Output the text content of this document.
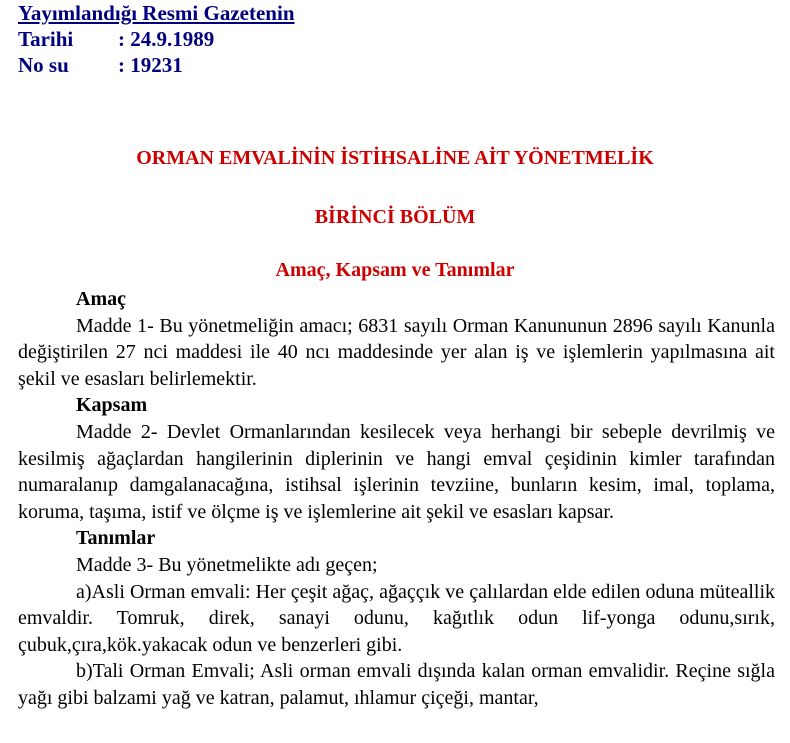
Yayımlandığı Resmi Gazetenin
Tarihi : 24.9.1989
No su : 19231
ORMAN EMVALİNİN İSTİHSALİNE AİT YÖNETMELİK
BİRİNCİ BÖLÜM
Amaç, Kapsam ve Tanımlar
Amaç

Madde 1- Bu yönetmeliğin amacı; 6831 sayılı Orman Kanununun 2896 sayılı Kanunla değiştirilen 27 nci maddesi ile 40 ncı maddesinde yer alan iş ve işlemlerin yapılmasına ait şekil ve esasları belirlemektir.

Kapsam

Madde 2- Devlet Ormanlarından kesilecek veya herhangi bir sebeple devrilmiş ve kesilmiş ağaçlardan hangilerinin diplerinin ve hangi emval çeşidinin kimler tarafından numaralanıp damgalanacağına, istihsal işlerinin tevziine, bunların kesim, imal, toplama, koruma, taşıma, istif ve ölçme iş ve işlemlerine ait şekil ve esasları kapsar.

Tanımlar

Madde 3- Bu yönetmelikte adı geçen;

a)Asli Orman emvali: Her çeşit ağaç, ağaççık ve çalılardan elde edilen oduna müteallik emvaldir. Tomruk, direk, sanayi odunu, kağıtlık odun lif-yonga odunu,sırık, çubuk,çıra,kök.yakacak odun ve benzerleri gibi.

b)Tali Orman Emvali; Asli orman emvali dışında kalan orman emvalidir. Reçine sığla yağı gibi balzami yağ ve katran, palamut, ıhlamur çiçeği, mantar,
